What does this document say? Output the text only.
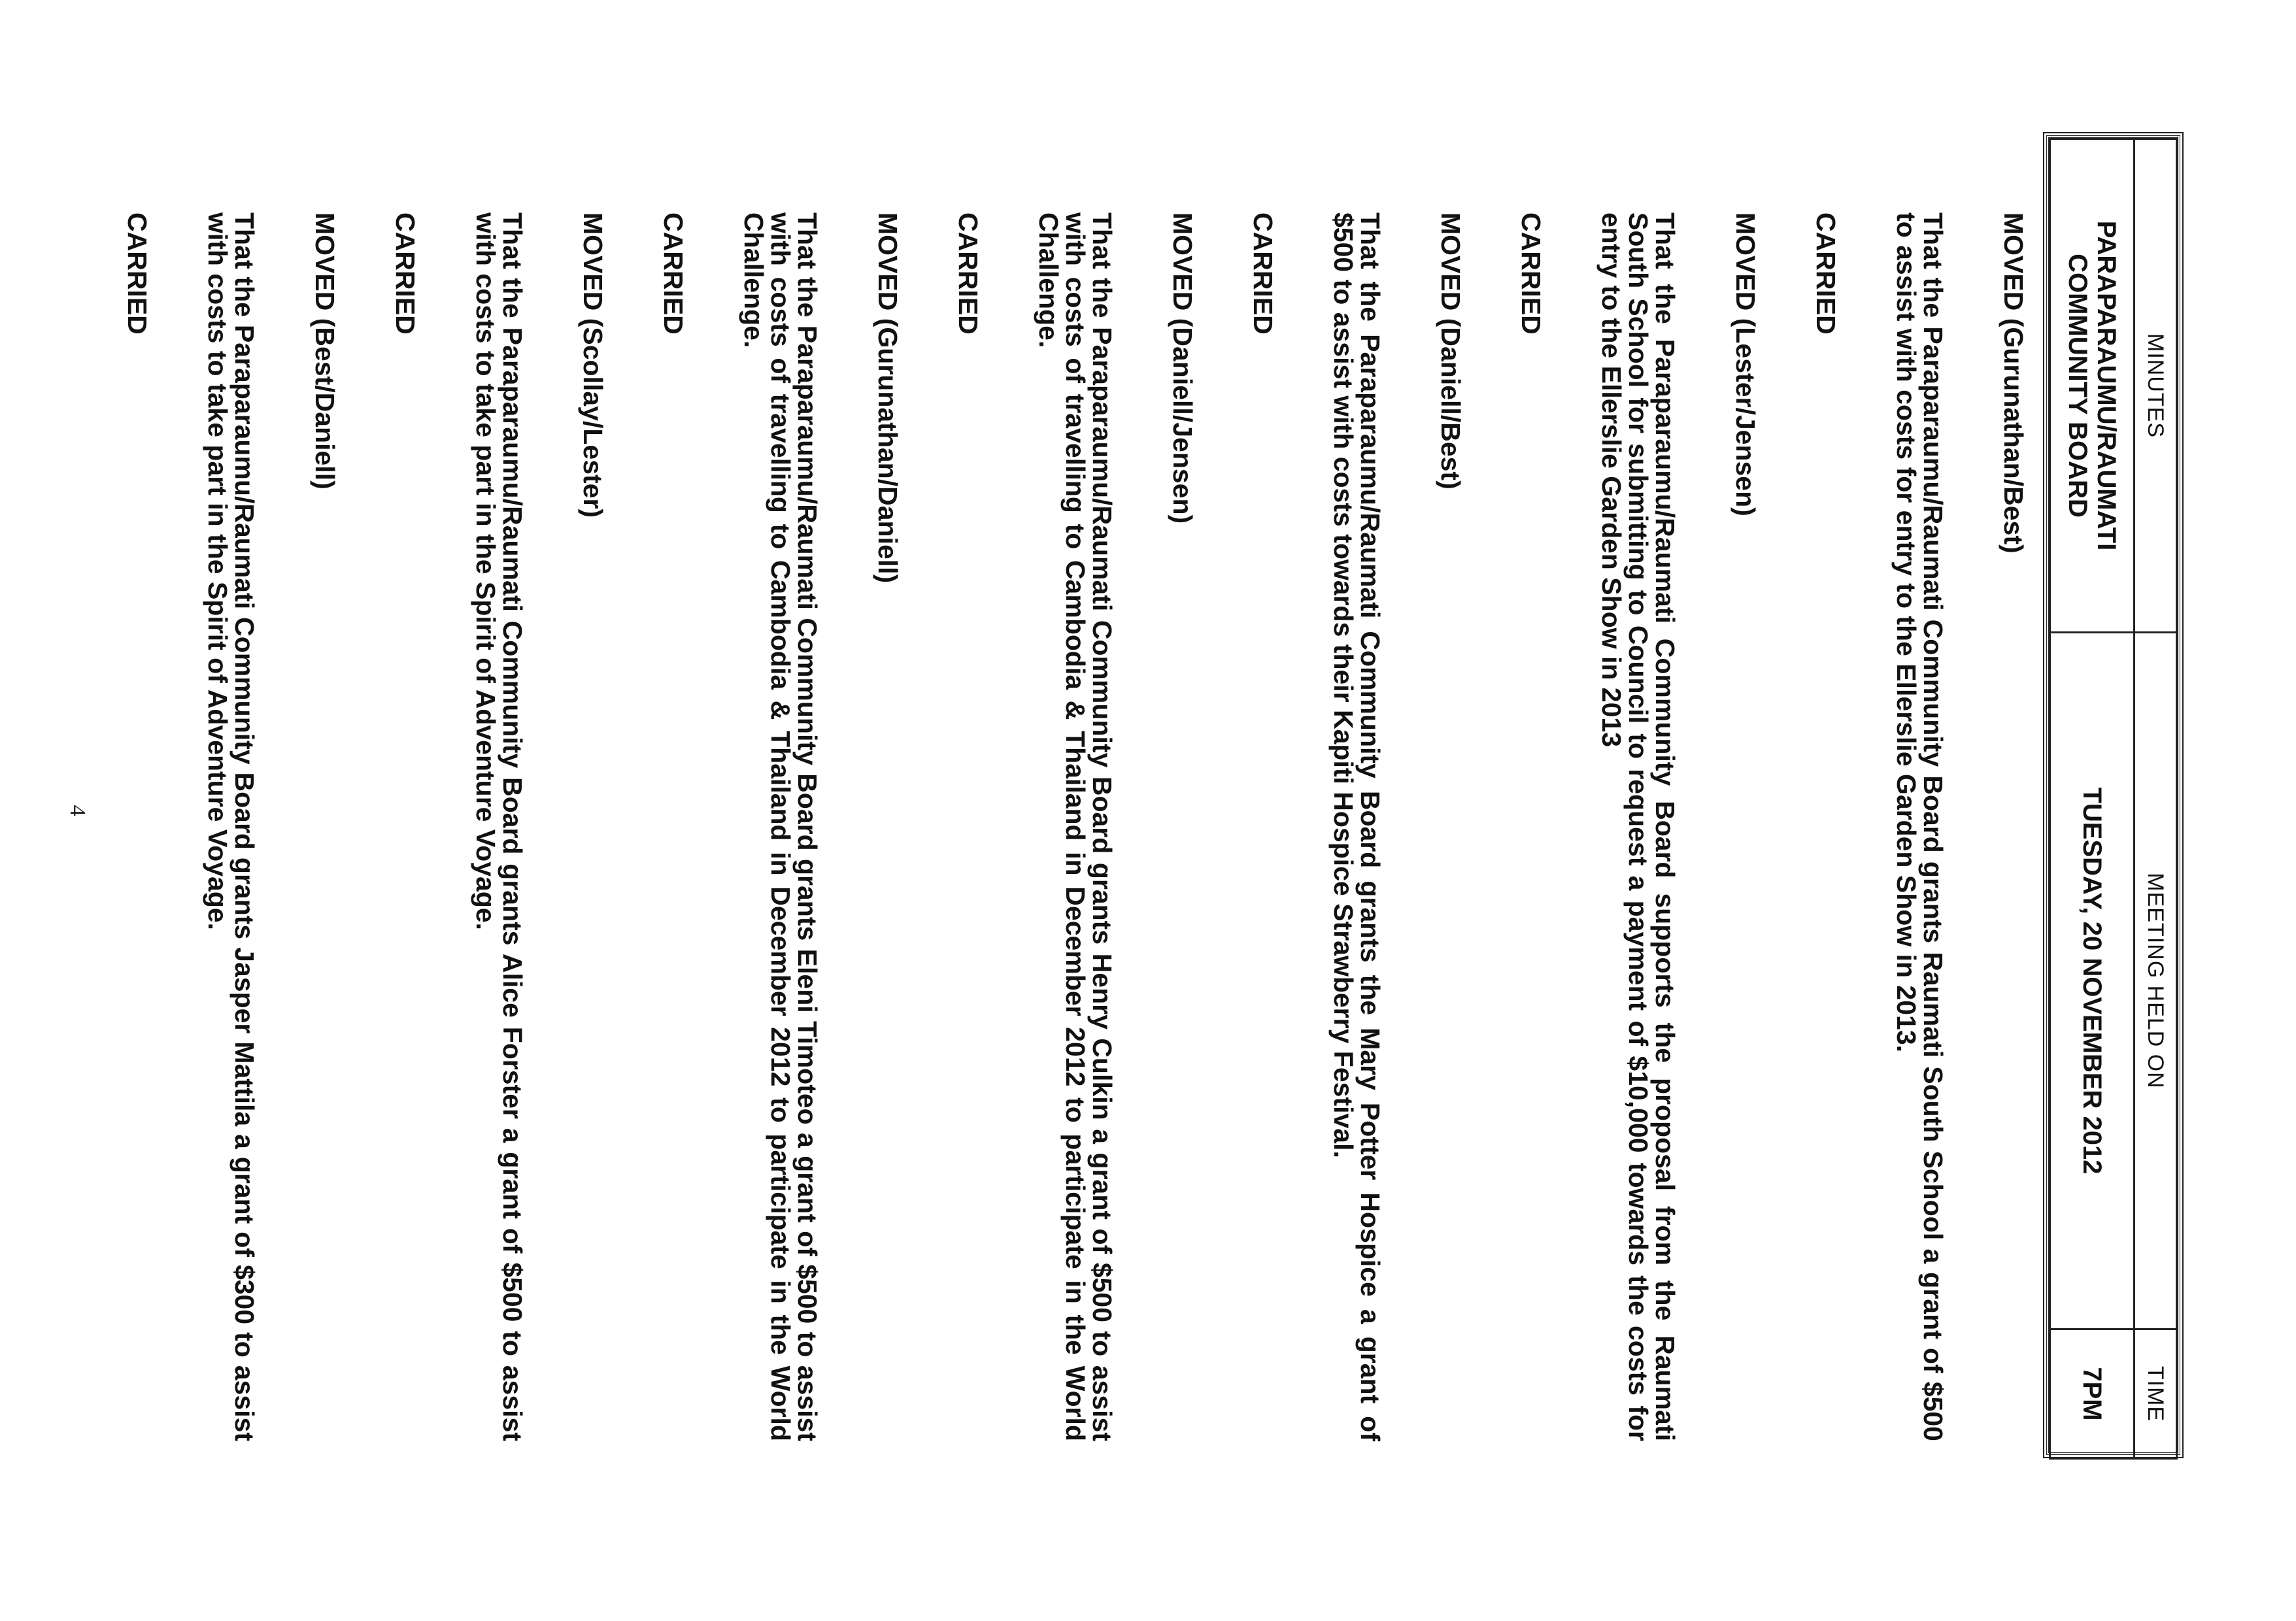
MINUTES	MEETING HELD ON	TIME
PARAPARAUMU/RAUMATI COMMUNITY BOARD	TUESDAY, 20 NOVEMBER 2012	7PM

MOVED (Gurunathan/Best)

That the Paraparaumu/Raumati Community Board grants Raumati South School a grant of $500 to assist with costs for entry to the Ellerslie Garden Show in 2013.

CARRIED

MOVED (Lester/Jensen)

That the Paraparaumu/Raumati Community Board supports the proposal from the Raumati South School for submitting to Council to request a payment of $10,000 towards the costs for entry to the Ellerslie Garden Show in 2013

CARRIED

MOVED (Daniell/Best)

That the Paraparaumu/Raumati Community Board grants the Mary Potter Hospice a grant of $500 to assist with costs towards their Kapiti Hospice Strawberry Festival.

CARRIED

MOVED (Daniell/Jensen)

That the Paraparaumu/Raumati Community Board grants Henry Culkin a grant of $500 to assist with costs of travelling to Cambodia & Thailand in December 2012 to participate in the World Challenge.

CARRIED

MOVED (Gurunathan/Daniell)

That the Paraparaumu/Raumati Community Board grants Eleni Timoteo a grant of $500 to assist with costs of travelling to Cambodia & Thailand in December 2012 to participate in the World Challenge.

CARRIED

MOVED (Scollay/Lester)

That the Paraparaumu/Raumati Community Board grants Alice Forster a grant of $500 to assist with costs to take part in the Spirit of Adventure Voyage.

CARRIED

MOVED (Best/Daniell)

That the Paraparaumu/Raumati Community Board grants Jasper Mattila a grant of $300 to assist with costs to take part in the Spirit of Adventure Voyage.

CARRIED

4
